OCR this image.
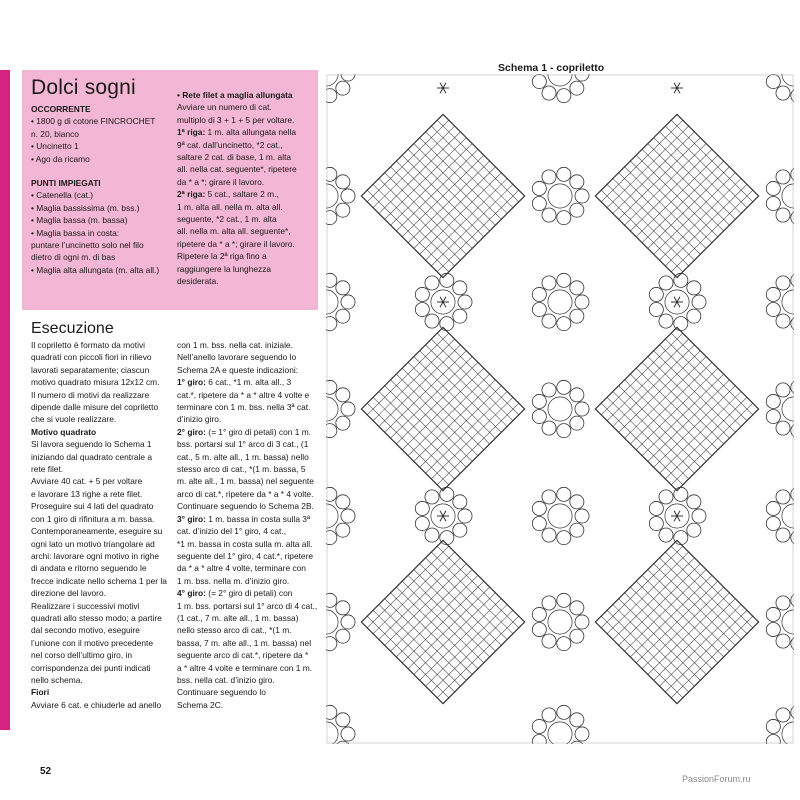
Dolci sogni
OCCORRENTE

• 1800 g di cotone FINCROCHET

n. 20, bianco

• Uncinetto 1

• Ago da ricamo

PUNTI IMPIEGATI

• Catenella (cat.)

• Maglia bassissima (m. bss.)

• Maglia bassa (m. bassa)

• Maglia bassa in costa:

puntare l’uncinetto solo nel filo

dietro di ogni m. di bas

• Maglia alta allungata (m. alta all.)

• Rete filet a maglia allungata

Avviare un numero di cat.

multiplo di 3 + 1 + 5 per voltare.

1ª riga: 1 m. alta allungata nella

9ª cat. dall’uncinetto, *2 cat.,

saltare 2 cat. di base, 1 m. alta

all. nella cat. seguente*, ripetere

da * a *; girare il lavoro.

2ª riga: 5 cat., saltare 2 m.,

1 m. alta all. nella m. alta all.

seguente, *2 cat., 1 m. alta

all. nella m. alta all. seguente*,

ripetere da * a *; girare il lavoro.

Ripetere la 2ª riga fino a

raggiungere la lunghezza

desiderata.

Esecuzione

Il copriletto è formato da motivi

quadrati con piccoli fiori in rilievo

lavorati separatamente; ciascun

motivo quadrato misura 12x12 cm.

Il numero di motivi da realizzare

dipende dalle misure del copriletto

che si vuole realizzare.

Motivo quadrato

Si lavora seguendo lo Schema 1

iniziando dal quadrato centrale a

rete filet.

Avviare 40 cat. + 5 per voltare

e lavorare 13 righe a rete filet.

Proseguire sui 4 lati del quadrato

con 1 giro di rifinitura a m. bassa.

Contemporaneamente, eseguire su

ogni lato un motivo triangolare ad

archi: lavorare ogni motivo in righe

di andata e ritorno seguendo le

frecce indicate nello schema 1 per la

direzione del lavoro.

Realizzare i successivi motivi

quadrati allo stesso modo; a partire

dal secondo motivo, eseguire

l’unione con il motivo precedente

nel corso dell’ultimo giro, in

corrispondenza dei punti indicati

nello schema.

Fiori

Avviare 6 cat. e chiuderle ad anello

con 1 m. bss. nella cat. iniziale.

Nell’anello lavorare seguendo lo

Schema 2A e queste indicazioni:

1° giro: 6 cat., *1 m. alta all., 3

cat.*, ripetere da * a * altre 4 volte e

terminare con 1 m. bss. nella 3ª cat.

d’inizio giro.

2° giro: (= 1° giro di petali) con 1 m.

bss. portarsi sul 1° arco di 3 cat., (1

cat., 5 m. alte all., 1 m. bassa) nello

stesso arco di cat., *(1 m. bassa, 5

m. alte all., 1 m. bassa) nel seguente

arco di cat.*, ripetere da * a * 4 volte.

Continuare seguendo lo Schema 2B.

3° giro: 1 m. bassa in costa sulla 3ª

cat. d’inizio del 1° giro, 4 cat.,

*1 m. bassa in costa sulla m. alta all.

seguente del 1° giro, 4 cat.*, ripetere

da * a * altre 4 volte, terminare con

1 m. bss. nella m. d’inizio giro.

4° giro: (= 2° giro di petali) con

1 m. bss. portarsi sul 1° arco di 4 cat.,

(1 cat., 7 m. alte all., 1 m. bassa)

nello stesso arco di cat., *(1 m.

bassa, 7 m. alte all., 1 m. bassa) nel

seguente arco di cat.*, ripetere da *

a * altre 4 volte e terminare con 1 m.

bss. nella cat. d’inizio giro.

Continuare seguendo lo

Schema 2C.

Schema 1 - copriletto
52
PassionForum.ru
